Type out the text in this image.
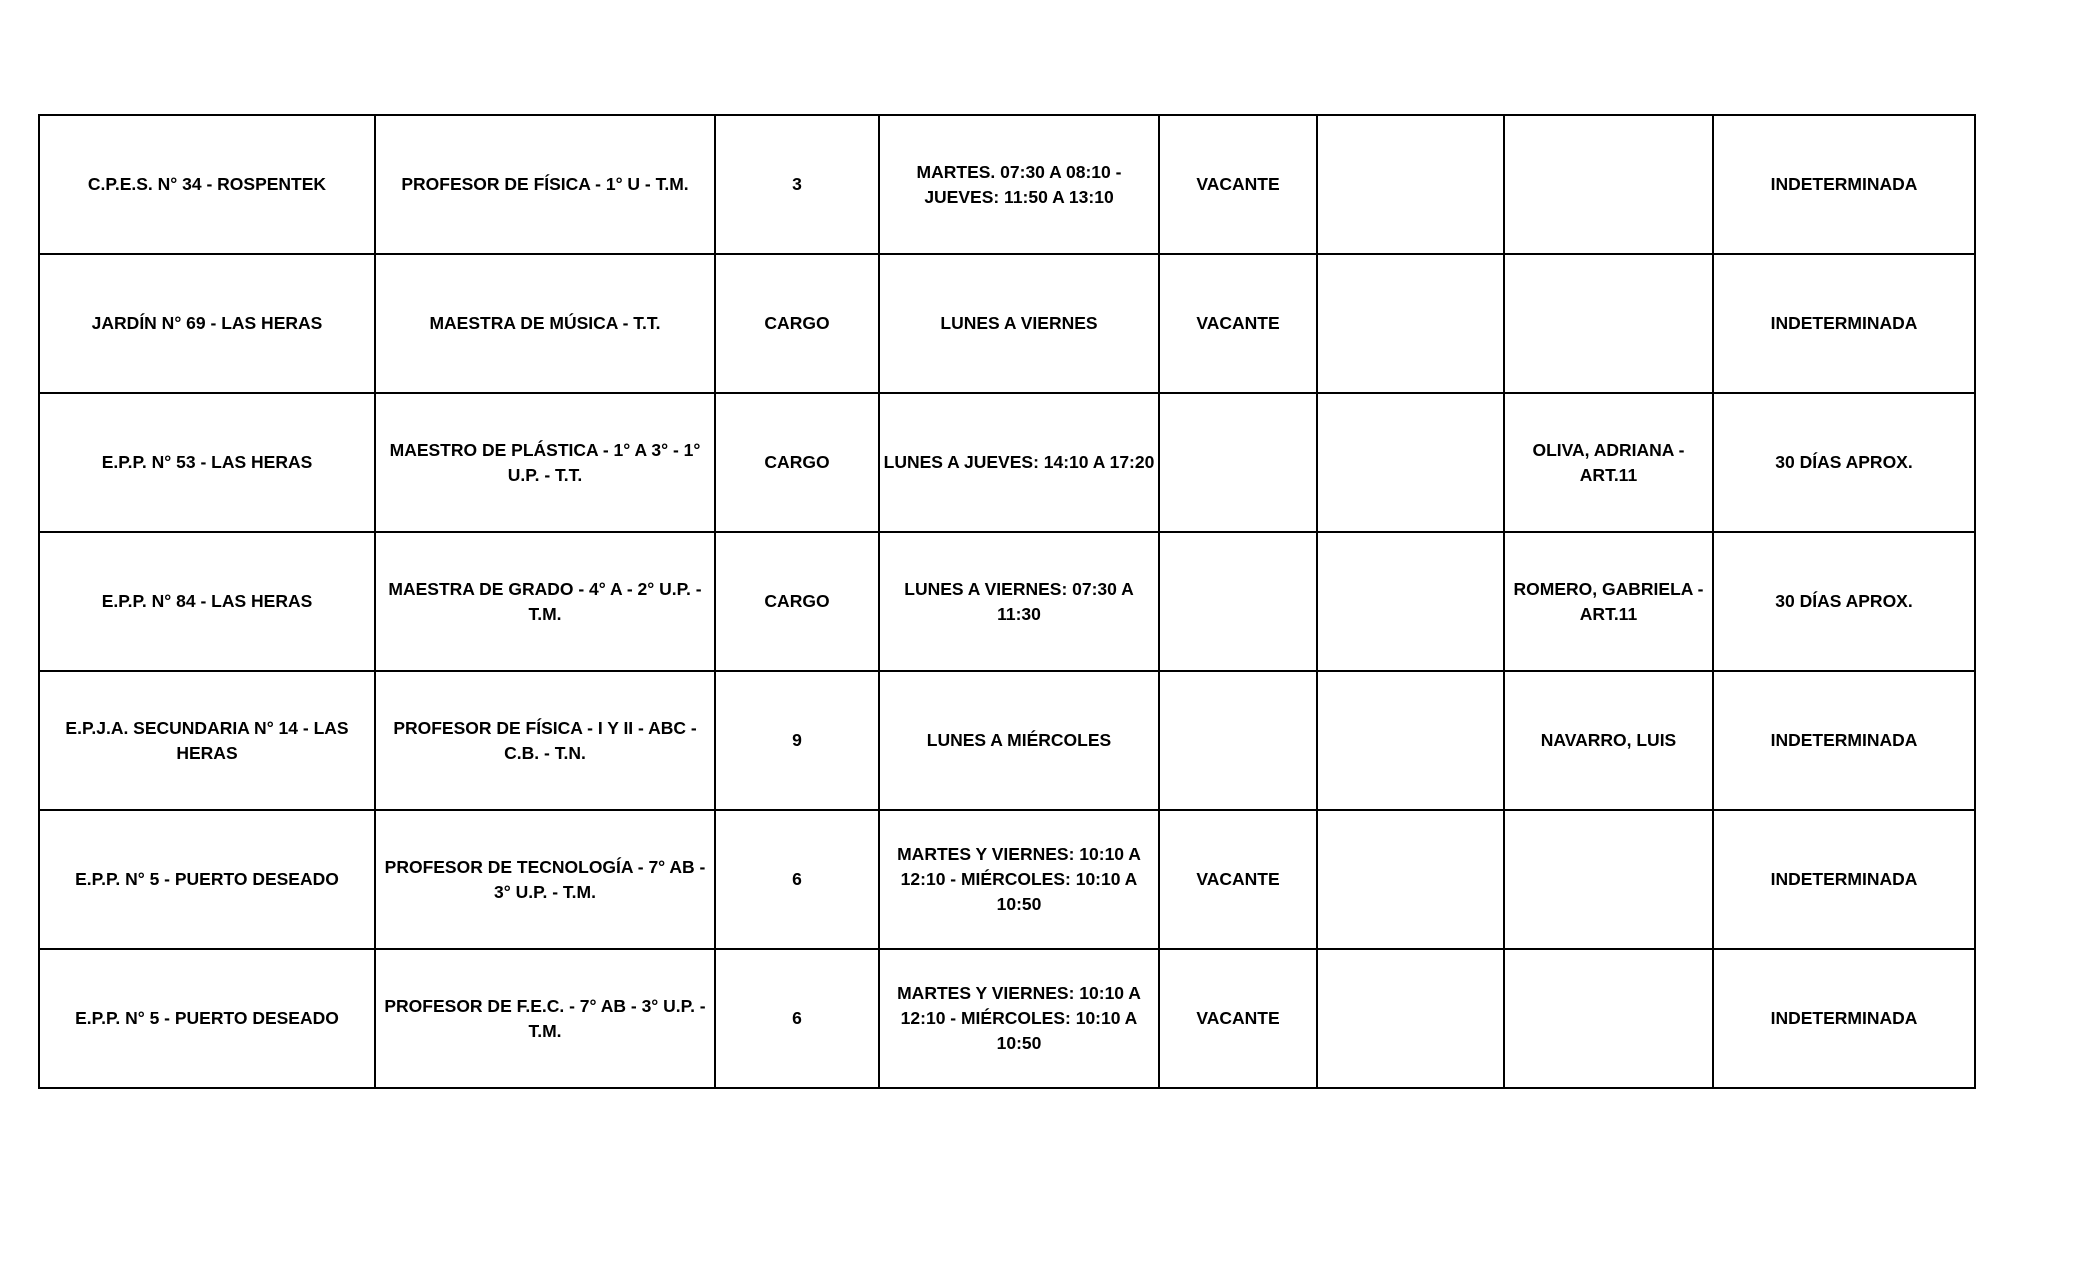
C.P.E.S. N° 34 - ROSPENTEK	PROFESOR DE FÍSICA - 1° U - T.M.	3	MARTES. 07:30 A 08:10 - JUEVES: 11:50 A 13:10	VACANTE			INDETERMINADA
JARDÍN N° 69 - LAS HERAS	MAESTRA DE MÚSICA - T.T.	CARGO	LUNES A VIERNES	VACANTE			INDETERMINADA
E.P.P. N° 53 - LAS HERAS	MAESTRO DE PLÁSTICA - 1° A 3° - 1° U.P. - T.T.	CARGO	LUNES A JUEVES: 14:10 A 17:20			OLIVA, ADRIANA - ART.11	30 DÍAS APROX.
E.P.P. N° 84 - LAS HERAS	MAESTRA DE GRADO - 4° A - 2° U.P. - T.M.	CARGO	LUNES A VIERNES: 07:30 A 11:30			ROMERO, GABRIELA - ART.11	30 DÍAS APROX.
E.P.J.A. SECUNDARIA N° 14 - LAS HERAS	PROFESOR DE FÍSICA - I Y II - ABC - C.B. - T.N.	9	LUNES A MIÉRCOLES			NAVARRO, LUIS	INDETERMINADA
E.P.P. N° 5 - PUERTO DESEADO	PROFESOR DE TECNOLOGÍA - 7° AB - 3° U.P. - T.M.	6	MARTES Y VIERNES: 10:10 A 12:10 - MIÉRCOLES: 10:10 A 10:50	VACANTE			INDETERMINADA
E.P.P. N° 5 - PUERTO DESEADO	PROFESOR DE F.E.C. - 7° AB - 3° U.P. - T.M.	6	MARTES Y VIERNES: 10:10 A 12:10 - MIÉRCOLES: 10:10 A 10:50	VACANTE			INDETERMINADA
